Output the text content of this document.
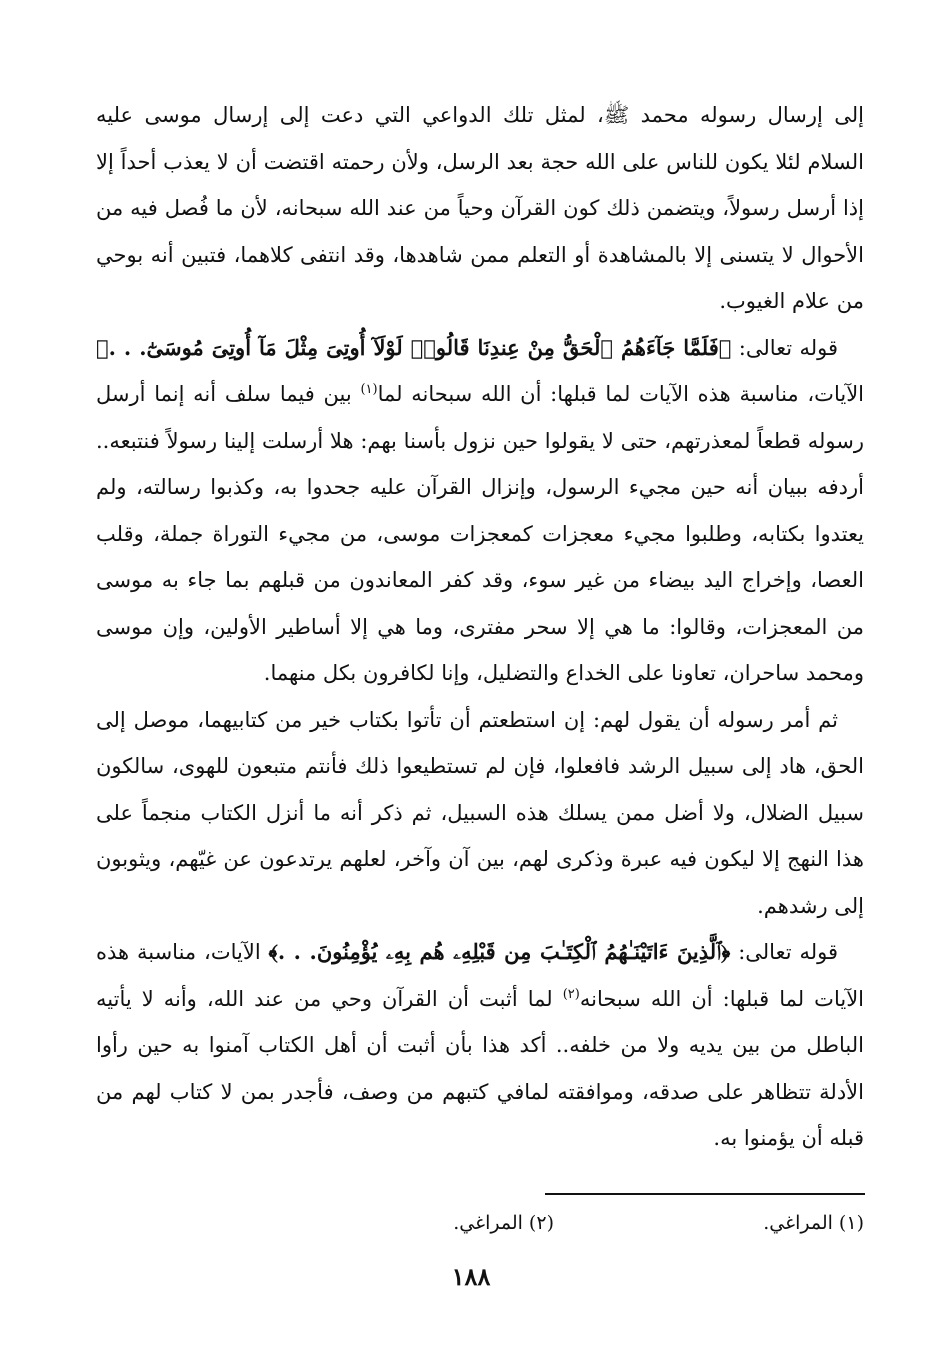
إلى إرسال رسوله محمد ﷺ، لمثل تلك الدواعي التي دعت إلى إرسال موسى عليه السلام لئلا يكون للناس على الله حجة بعد الرسل، ولأن رحمته اقتضت أن لا يعذب أحداً إلا إذا أرسل رسولاً، ويتضمن ذلك كون القرآن وحياً من عند الله سبحانه، لأن ما فُصل فيه من الأحوال لا يتسنى إلا بالمشاهدة أو التعلم ممن شاهدها، وقد انتفى كلاهما، فتبين أنه بوحي من علام الغيوب.

قوله تعالى: ﴿فَلَمَّا جَآءَهُمُ ٱلْحَقُّ مِنْ عِندِنَا قَالُوا۟ لَوْلَآ أُوتِىَ مِثْلَ مَآ أُوتِىَ مُوسَىٰٓ. . .﴾ الآيات، مناسبة هذه الآيات لما قبلها: أن الله سبحانه لما$^{(١)}$ بين فيما سلف أنه إنما أرسل رسوله قطعاً لمعذرتهم، حتى لا يقولوا حين نزول بأسنا بهم: هلا أرسلت إلينا رسولاً فنتبعه.. أردفه ببيان أنه حين مجيء الرسول، وإنزال القرآن عليه جحدوا به، وكذبوا رسالته، ولم يعتدوا بكتابه، وطلبوا مجيء معجزات كمعجزات موسى، من مجيء التوراة جملة، وقلب العصا، وإخراج اليد بيضاء من غير سوء، وقد كفر المعاندون من قبلهم بما جاء به موسى من المعجزات، وقالوا: ما هي إلا سحر مفترى، وما هي إلا أساطير الأولين، وإن موسى ومحمد ساحران، تعاونا على الخداع والتضليل، وإنا لكافرون بكل منهما.

ثم أمر رسوله أن يقول لهم: إن استطعتم أن تأتوا بكتاب خير من كتابيهما، موصل إلى الحق، هاد إلى سبيل الرشد فافعلوا، فإن لم تستطيعوا ذلك فأنتم متبعون للهوى، سالكون سبيل الضلال، ولا أضل ممن يسلك هذه السبيل، ثم ذكر أنه ما أنزل الكتاب منجماً على هذا النهج إلا ليكون فيه عبرة وذكرى لهم، بين آن وآخر، لعلهم يرتدعون عن غيّهم، ويثوبون إلى رشدهم.

قوله تعالى: ﴿ٱلَّذِينَ ءَاتَيْنَـٰهُمُ ٱلْكِتَـٰبَ مِن قَبْلِهِۦ هُم بِهِۦ يُؤْمِنُونَ. . .﴾ الآيات، مناسبة هذه الآيات لما قبلها: أن الله سبحانه$^{(٢)}$ لما أثبت أن القرآن وحي من عند الله، وأنه لا يأتيه الباطل من بين يديه ولا من خلفه.. أكد هذا بأن أثبت أن أهل الكتاب آمنوا به حين رأوا الأدلة تتظاهر على صدقه، وموافقته لمافي كتبهم من وصف، فأجدر بمن لا كتاب لهم من قبله أن يؤمنوا به.

(١) المراغي.
(٢) المراغي.
١٨٨
